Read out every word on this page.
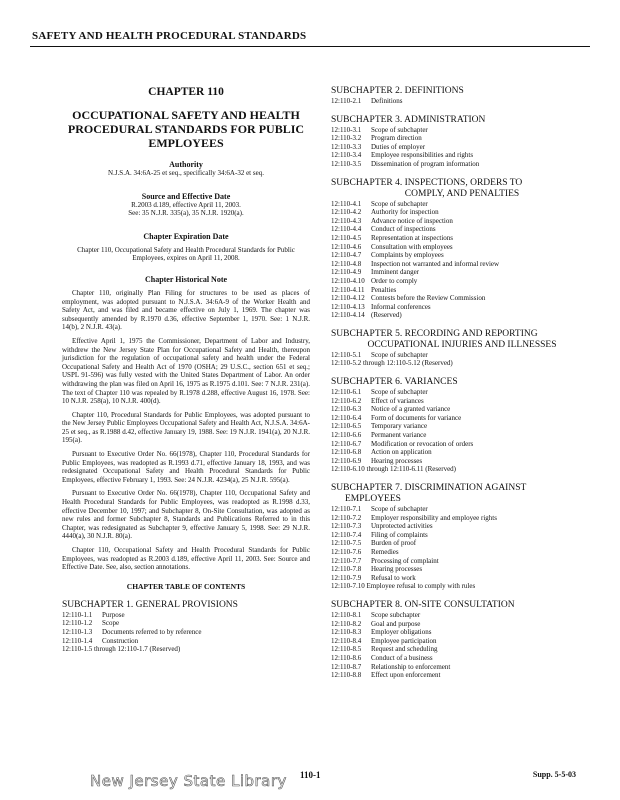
SAFETY AND HEALTH PROCEDURAL STANDARDS
CHAPTER 110
OCCUPATIONAL SAFETY AND HEALTH PROCEDURAL STANDARDS FOR PUBLIC EMPLOYEES
Authority
N.J.S.A. 34:6A-25 et seq., specifically 34:6A-32 et seq.
Source and Effective Date
R.2003 d.189, effective April 11, 2003.
See: 35 N.J.R. 335(a), 35 N.J.R. 1920(a).
Chapter Expiration Date
Chapter 110, Occupational Safety and Health Procedural Standards for Public Employees, expires on April 11, 2008.
Chapter Historical Note
Chapter 110, originally Plan Filing for structures to be used as places of employment, was adopted pursuant to N.J.S.A. 34:6A-9 of the Worker Health and Safety Act, and was filed and became effective on July 1, 1969. The chapter was subsequently amended by R.1970 d.36, effective September 1, 1970. See: 1 N.J.R. 14(b), 2 N.J.R. 43(a).
Effective April 1, 1975 the Commissioner, Department of Labor and Industry, withdrew the New Jersey State Plan for Occupational Safety and Health, thereupon jurisdiction for the regulation of occupational safety and health under the Federal Occupational Safety and Health Act of 1970 (OSHA; 29 U.S.C., section 651 et seq.; USPL 91-596) was fully vested with the United States Department of Labor. An order withdrawing the plan was filed on April 16, 1975 as R.1975 d.101. See: 7 N.J.R. 231(a). The text of Chapter 110 was repealed by R.1978 d.288, effective August 16, 1978. See: 10 N.J.R. 258(a), 10 N.J.R. 400(d).
Chapter 110, Procedural Standards for Public Employees, was adopted pursuant to the New Jersey Public Employees Occupational Safety and Health Act, N.J.S.A. 34:6A-25 et seq., as R.1988 d.42, effective January 19, 1988. See: 19 N.J.R. 1941(a), 20 N.J.R. 195(a).
Pursuant to Executive Order No. 66(1978), Chapter 110, Procedural Standards for Public Employees, was readopted as R.1993 d.71, effective January 18, 1993, and was redesignated Occupational Safety and Health Procedural Standards for Public Employees, effective February 1, 1993. See: 24 N.J.R. 4234(a), 25 N.J.R. 595(a).
Pursuant to Executive Order No. 66(1978), Chapter 110, Occupational Safety and Health Procedural Standards for Public Employees, was readopted as R.1998 d.33, effective December 10, 1997; and Subchapter 8, On-Site Consultation, was adopted as new rules and former Subchapter 8, Standards and Publications Referred to in this Chapter, was redesignated as Subchapter 9, effective January 5, 1998. See: 29 N.J.R. 4440(a), 30 N.J.R. 80(a).
Chapter 110, Occupational Safety and Health Procedural Standards for Public Employees, was readopted as R.2003 d.189, effective April 11, 2003. See: Source and Effective Date. See, also, section annotations.
CHAPTER TABLE OF CONTENTS
SUBCHAPTER 1. GENERAL PROVISIONS
12:110-1.1	Purpose
12:110-1.2	Scope
12:110-1.3	Documents referred to by reference
12:110-1.4	Construction
12:110-1.5 through 12:110-1.7 (Reserved)
SUBCHAPTER 2. DEFINITIONS
12:110-2.1	Definitions
SUBCHAPTER 3. ADMINISTRATION
12:110-3.1	Scope of subchapter
12:110-3.2	Program direction
12:110-3.3	Duties of employer
12:110-3.4	Employee responsibilities and rights
12:110-3.5	Dissemination of program information
SUBCHAPTER 4. INSPECTIONS, ORDERS TO
COMPLY, AND PENALTIES
12:110-4.1	Scope of subchapter
12:110-4.2	Authority for inspection
12:110-4.3	Advance notice of inspection
12:110-4.4	Conduct of inspections
12:110-4.5	Representation at inspections
12:110-4.6	Consultation with employees
12:110-4.7	Complaints by employees
12:110-4.8	Inspection not warranted and informal review
12:110-4.9	Imminent danger
12:110-4.10 Order to comply
12:110-4.11 Penalties
12:110-4.12 Contests before the Review Commission
12:110-4.13 Informal conferences
12:110-4.14 (Reserved)
SUBCHAPTER 5. RECORDING AND REPORTING
OCCUPATIONAL INJURIES AND ILLNESSES
12:110-5.1	Scope of subchapter
12:110-5.2 through 12:110-5.12 (Reserved)
SUBCHAPTER 6. VARIANCES
12:110-6.1	Scope of subchapter
12:110-6.2	Effect of variances
12:110-6.3	Notice of a granted variance
12:110-6.4	Form of documents for variance
12:110-6.5	Temporary variance
12:110-6.6	Permanent variance
12:110-6.7	Modification or revocation of orders
12:110-6.8	Action on application
12:110-6.9	Hearing processes
12:110-6.10 through 12:110-6.11 (Reserved)
SUBCHAPTER 7. DISCRIMINATION AGAINST
EMPLOYEES
12:110-7.1	Scope of subchapter
12:110-7.2	Employer responsibility and employee rights
12:110-7.3	Unprotected activities
12:110-7.4	Filing of complaints
12:110-7.5	Burden of proof
12:110-7.6	Remedies
12:110-7.7	Processing of complaint
12:110-7.8	Hearing processes
12:110-7.9	Refusal to work
12:110-7.10 Employee refusal to comply with rules
SUBCHAPTER 8. ON-SITE CONSULTATION
12:110-8.1	Scope subchapter
12:110-8.2	Goal and purpose
12:110-8.3	Employer obligations
12:110-8.4	Employee participation
12:110-8.5	Request and scheduling
12:110-8.6	Conduct of a business
12:110-8.7	Relationship to enforcement
12:110-8.8	Effect upon enforcement
New Jersey State Library 110-1	Supp. 5-5-03
